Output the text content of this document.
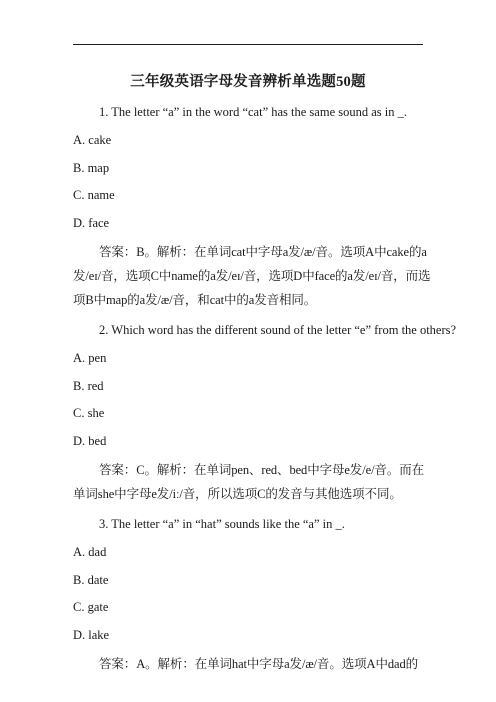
三年级英语字母发音辨析单选题50题

1. The letter “a” in the word “cat” has the same sound as in _.

A. cake

B. map

C. name

D. face

答案：B。解析：在单词cat中字母a发/æ/音。选项A中cake的a发/eɪ/音，选项C中name的a发/eɪ/音，选项D中face的a发/eɪ/音，而选项B中map的a发/æ/音，和cat中的a发音相同。

2. Which word has the different sound of the letter “e” from the others?

A. pen

B. red

C. she

D. bed

答案：C。解析：在单词pen、red、bed中字母e发/e/音。而在单词she中字母e发/iː/音，所以选项C的发音与其他选项不同。

3. The letter “a” in “hat” sounds like the “a” in _.

A. dad

B. date

C. gate

D. lake

答案：A。解析：在单词hat中字母a发/æ/音。选项A中dad的
